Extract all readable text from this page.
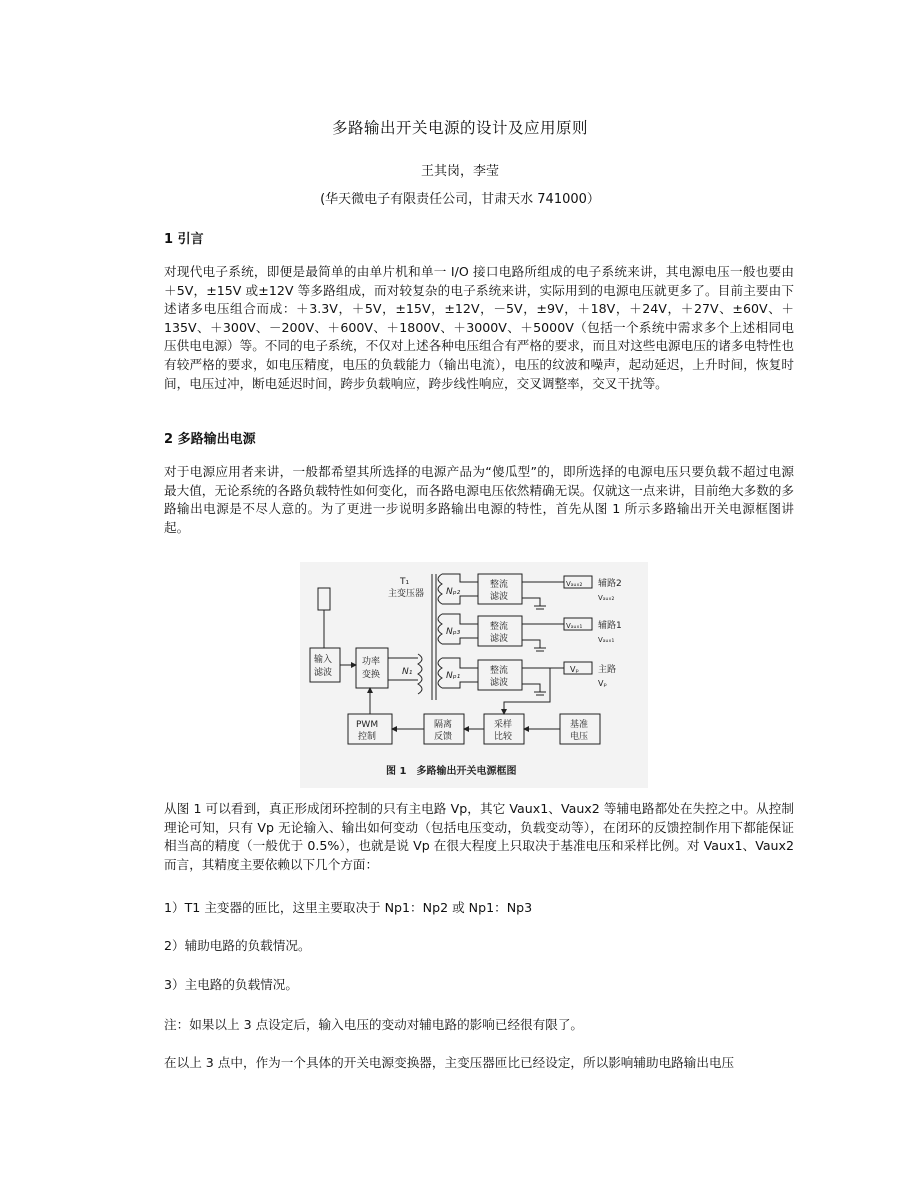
多路输出开关电源的设计及应用原则
王其岗，李莹
(华天微电子有限责任公司，甘肃天水 741000）
1 引言

对现代电子系统，即便是最简单的由单片机和单一 I/O 接口电路所组成的电子系统来讲，其电源电压一般也要由＋5V，±15V 或±12V 等多路组成，而对较复杂的电子系统来讲，实际用到的电源电压就更多了。目前主要由下述诸多电压组合而成：＋3.3V，＋5V，±15V，±12V，－5V，±9V，＋18V，＋24V，＋27V、±60V、＋135V、＋300V、－200V、＋600V、＋1800V、＋3000V、＋5000V（包括一个系统中需求多个上述相同电压供电电源）等。不同的电子系统，不仅对上述各种电压组合有严格的要求，而且对这些电源电压的诸多电特性也有较严格的要求，如电压精度，电压的负载能力（输出电流），电压的纹波和噪声，起动延迟，上升时间，恢复时间，电压过冲，断电延迟时间，跨步负载响应，跨步线性响应，交叉调整率，交叉干扰等。

2 多路输出电源

对于电源应用者来讲，一般都希望其所选择的电源产品为“傻瓜型”的，即所选择的电源电压只要负载不超过电源最大值，无论系统的各路负载特性如何变化，而各路电源电压依然精确无误。仅就这一点来讲，目前绝大多数的多路输出电源是不尽人意的。为了更进一步说明多路输出电源的特性，首先从图 1 所示多路输出开关电源框图讲起。

T₁
主变压器
输入
滤波
功率
变换 N₁
Nₚ₂
Nₚ₃
Nₚ₁
整流
滤波
整流
滤波
整流
滤波
Vₐᵤₓ₂ 辅路2
Vₐᵤₓ₂
Vₐᵤₓ₁ 辅路1
Vₐᵤₓ₁
Vₚ 主路
Vₚ
PWM
控制
隔离
反馈
采样
比较
基准
电压
图 1　多路输出开关电源框图

从图 1 可以看到，真正形成闭环控制的只有主电路 Vp，其它 Vaux1、Vaux2 等辅电路都处在失控之中。从控制理论可知，只有 Vp 无论输入、输出如何变动（包括电压变动，负载变动等），在闭环的反馈控制作用下都能保证相当高的精度（一般优于 0.5%），也就是说 Vp 在很大程度上只取决于基准电压和采样比例。对 Vaux1、Vaux2 而言，其精度主要依赖以下几个方面：

1）T1 主变器的匝比，这里主要取决于 Np1：Np2 或 Np1：Np3
2）辅助电路的负载情况。
3）主电路的负载情况。
注：如果以上 3 点设定后，输入电压的变动对辅电路的影响已经很有限了。
在以上 3 点中，作为一个具体的开关电源变换器，主变压器匝比已经设定，所以影响辅助电路输出电压
